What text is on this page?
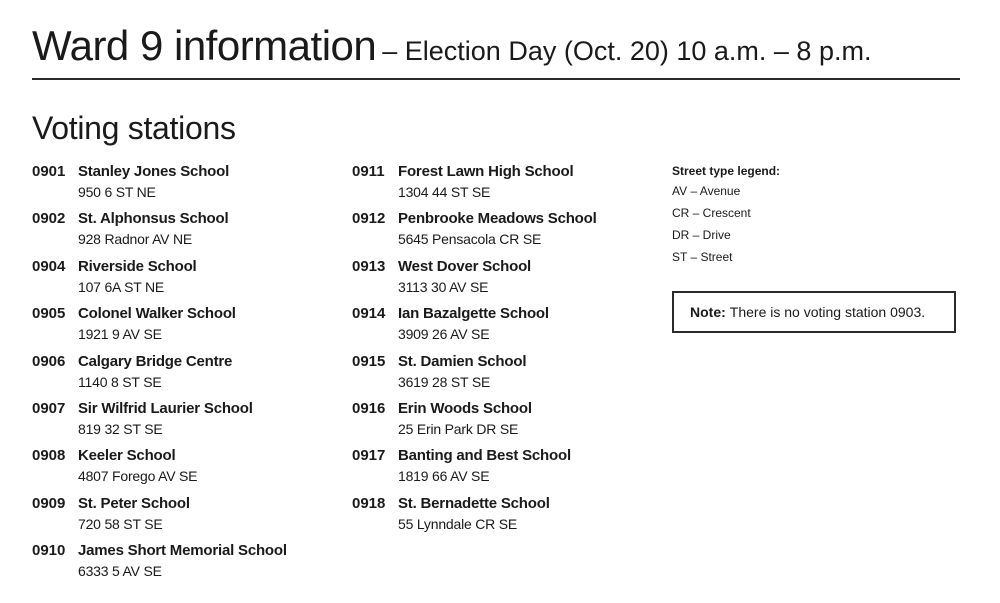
Ward 9 information – Election Day (Oct. 20) 10 a.m. – 8 p.m.
Voting stations
0901 Stanley Jones School
950 6 ST NE
0902 St. Alphonsus School
928 Radnor AV NE
0904 Riverside School
107 6A ST NE
0905 Colonel Walker School
1921 9 AV SE
0906 Calgary Bridge Centre
1140 8 ST SE
0907 Sir Wilfrid Laurier School
819 32 ST SE
0908 Keeler School
4807 Forego AV SE
0909 St. Peter School
720 58 ST SE
0910 James Short Memorial School
6333 5 AV SE
0911 Forest Lawn High School
1304 44 ST SE
0912 Penbrooke Meadows School
5645 Pensacola CR SE
0913 West Dover School
3113 30 AV SE
0914 Ian Bazalgette School
3909 26 AV SE
0915 St. Damien School
3619 28 ST SE
0916 Erin Woods School
25 Erin Park DR SE
0917 Banting and Best School
1819 66 AV SE
0918 St. Bernadette School
55 Lynndale CR SE
Street type legend:
AV – Avenue
CR – Crescent
DR – Drive
ST – Street
Note: There is no voting station 0903.
